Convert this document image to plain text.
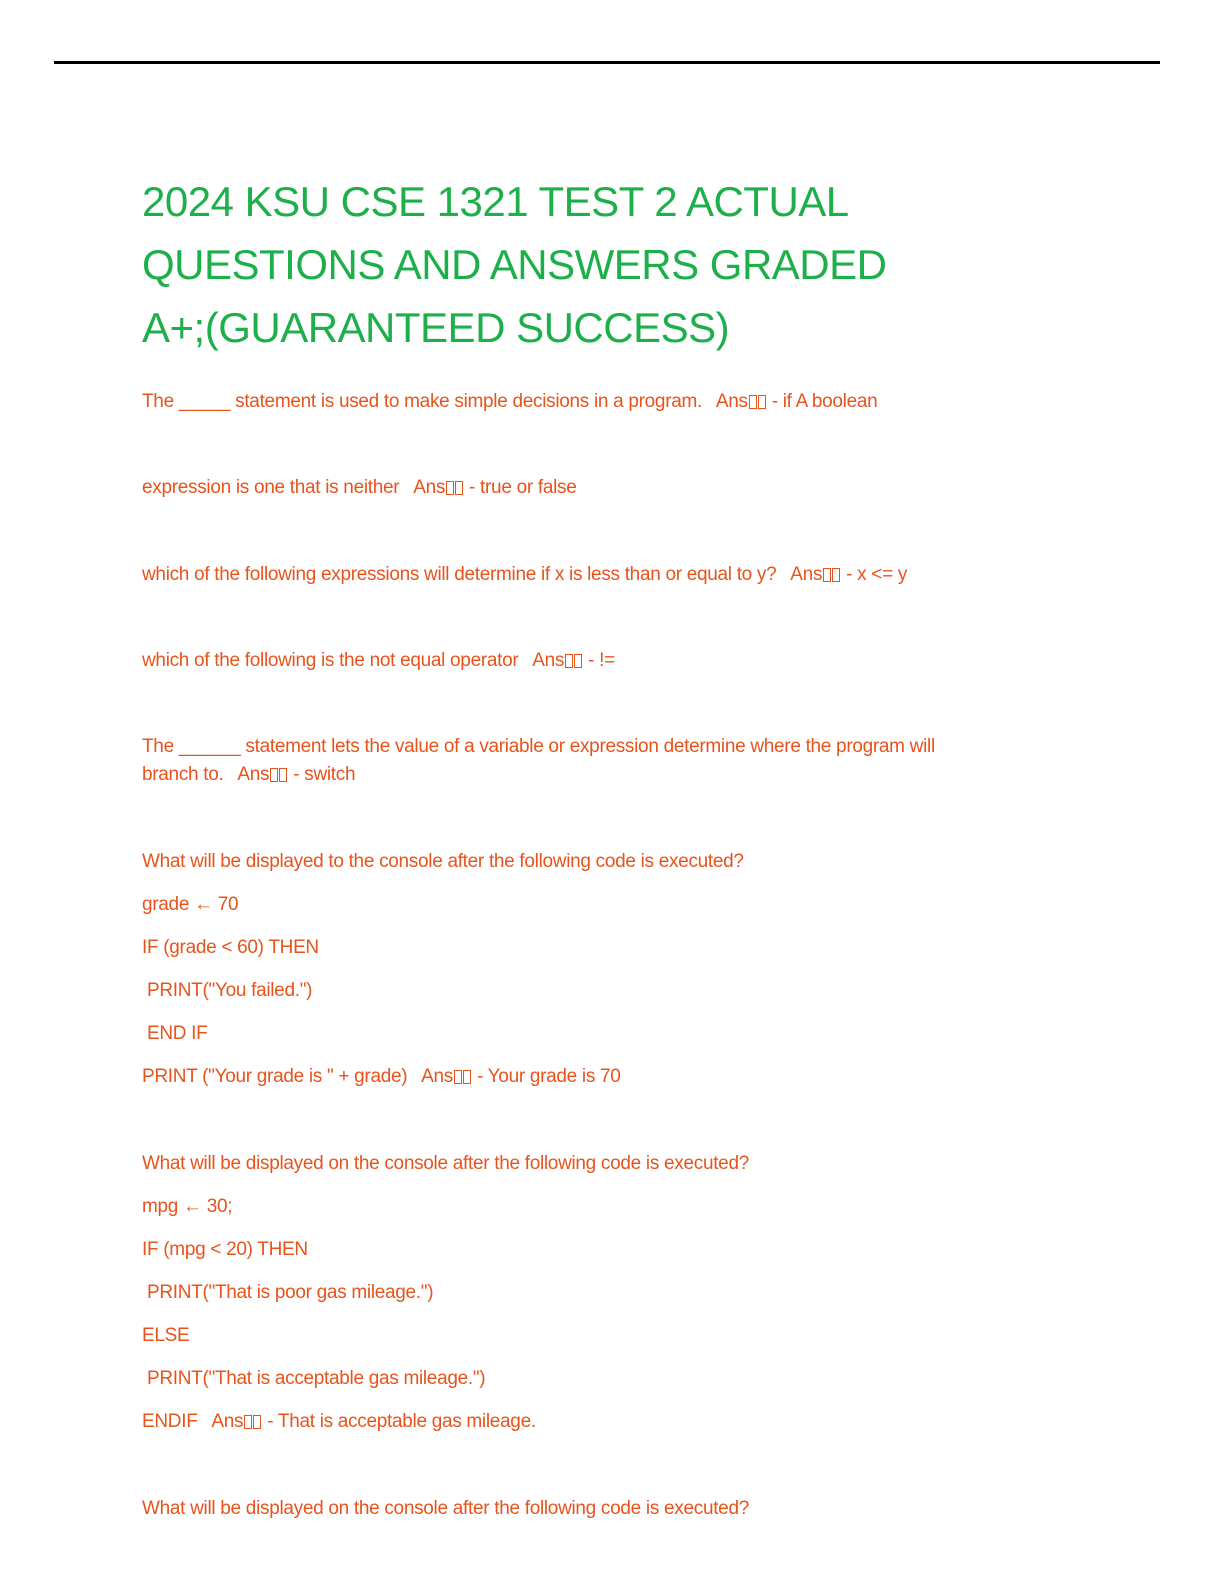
2024 KSU CSE 1321 TEST 2 ACTUAL
QUESTIONS AND ANSWERS GRADED
A+;(GUARANTEED SUCCESS)

The _____ statement is used to make simple decisions in a program. Ans - if A boolean

expression is one that is neither Ans - true or false

which of the following expressions will determine if x is less than or equal to y? Ans - x <= y

which of the following is the not equal operator Ans - !=

The ______ statement lets the value of a variable or expression determine where the program will

branch to. Ans - switch

What will be displayed to the console after the following code is executed?

grade ← 70

IF (grade < 60) THEN

PRINT("You failed.")

END IF

PRINT ("Your grade is " + grade) Ans - Your grade is 70

What will be displayed on the console after the following code is executed?

mpg ← 30;

IF (mpg < 20) THEN

PRINT("That is poor gas mileage.")

ELSE

PRINT("That is acceptable gas mileage.")

ENDIF Ans - That is acceptable gas mileage.

What will be displayed on the console after the following code is executed?
